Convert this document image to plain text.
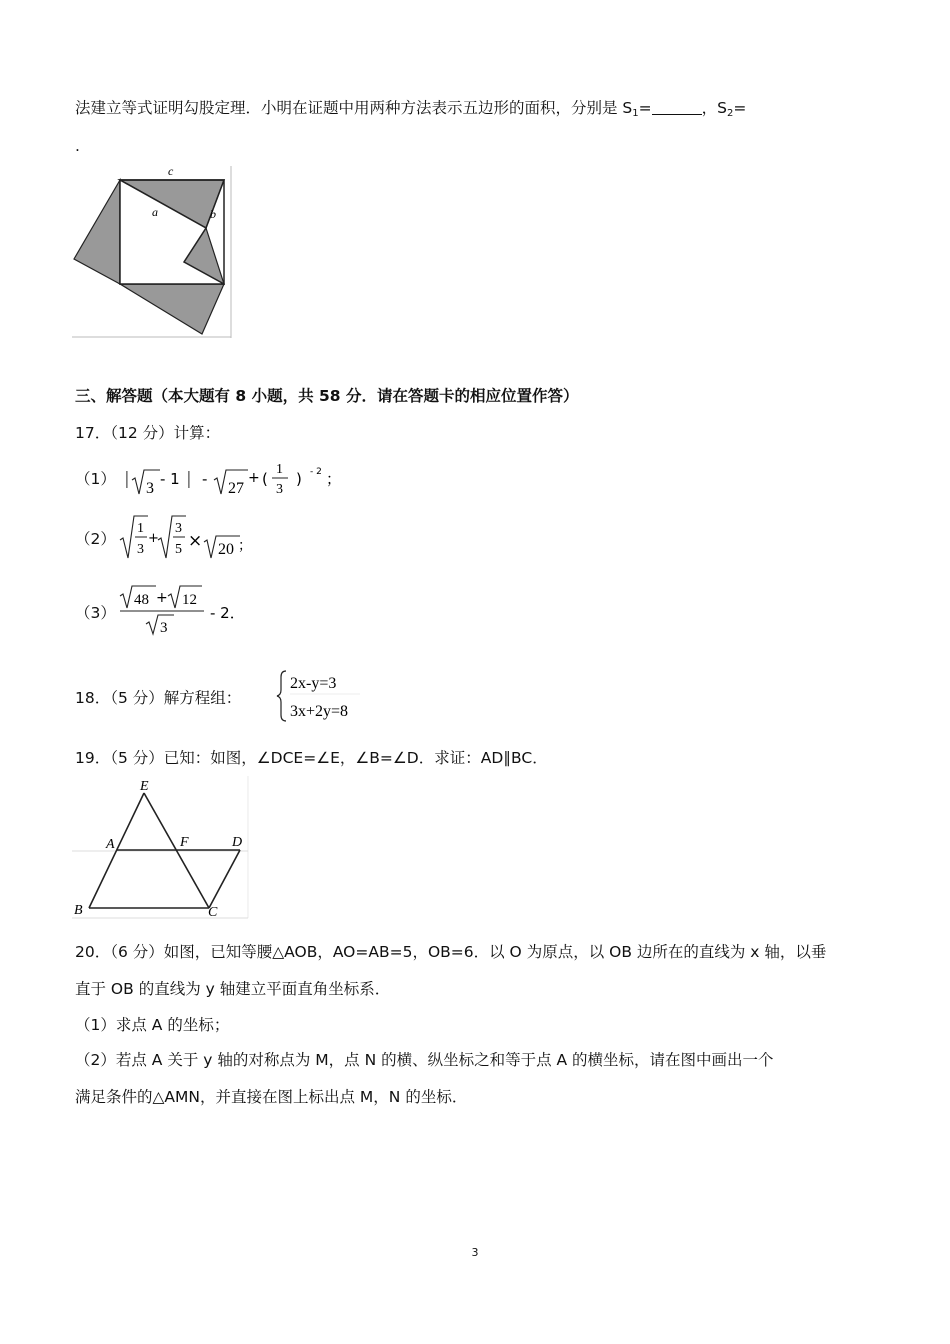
法建立等式证明勾股定理．小明在证题中用两种方法表示五边形的面积，分别是 $S_1=$	，$S_2=$
.
c
a	b
三、解答题（本大题有 8 小题，共 58 分．请在答题卡的相应位置作答）
17．（12 分）计算：
（1） | 3
- 1 | -
27
+ (
1
3
) - 2 ；
（2）
1
3
+
3
5 × 20 ；
（3）
48 + 12
3
- 2．
18．（5 分）解方程组：
2x-y=3
3x+2y=8
19．（5 分）已知：如图，∠DCE=∠E，∠B=∠D．求证：AD∥BC．
E
A	F	D
B	C
20．（6 分）如图，已知等腰△AOB，AO=AB=5，OB=6．以 O 为原点，以 OB 边所在的直线为 x 轴，以垂
直于 OB 的直线为 y 轴建立平面直角坐标系．
（1）求点 A 的坐标；
（2）若点 A 关于 y 轴的对称点为 M，点 N 的横、纵坐标之和等于点 A 的横坐标，请在图中画出一个
满足条件的△AMN，并直接在图上标出点 M，N 的坐标．
3
